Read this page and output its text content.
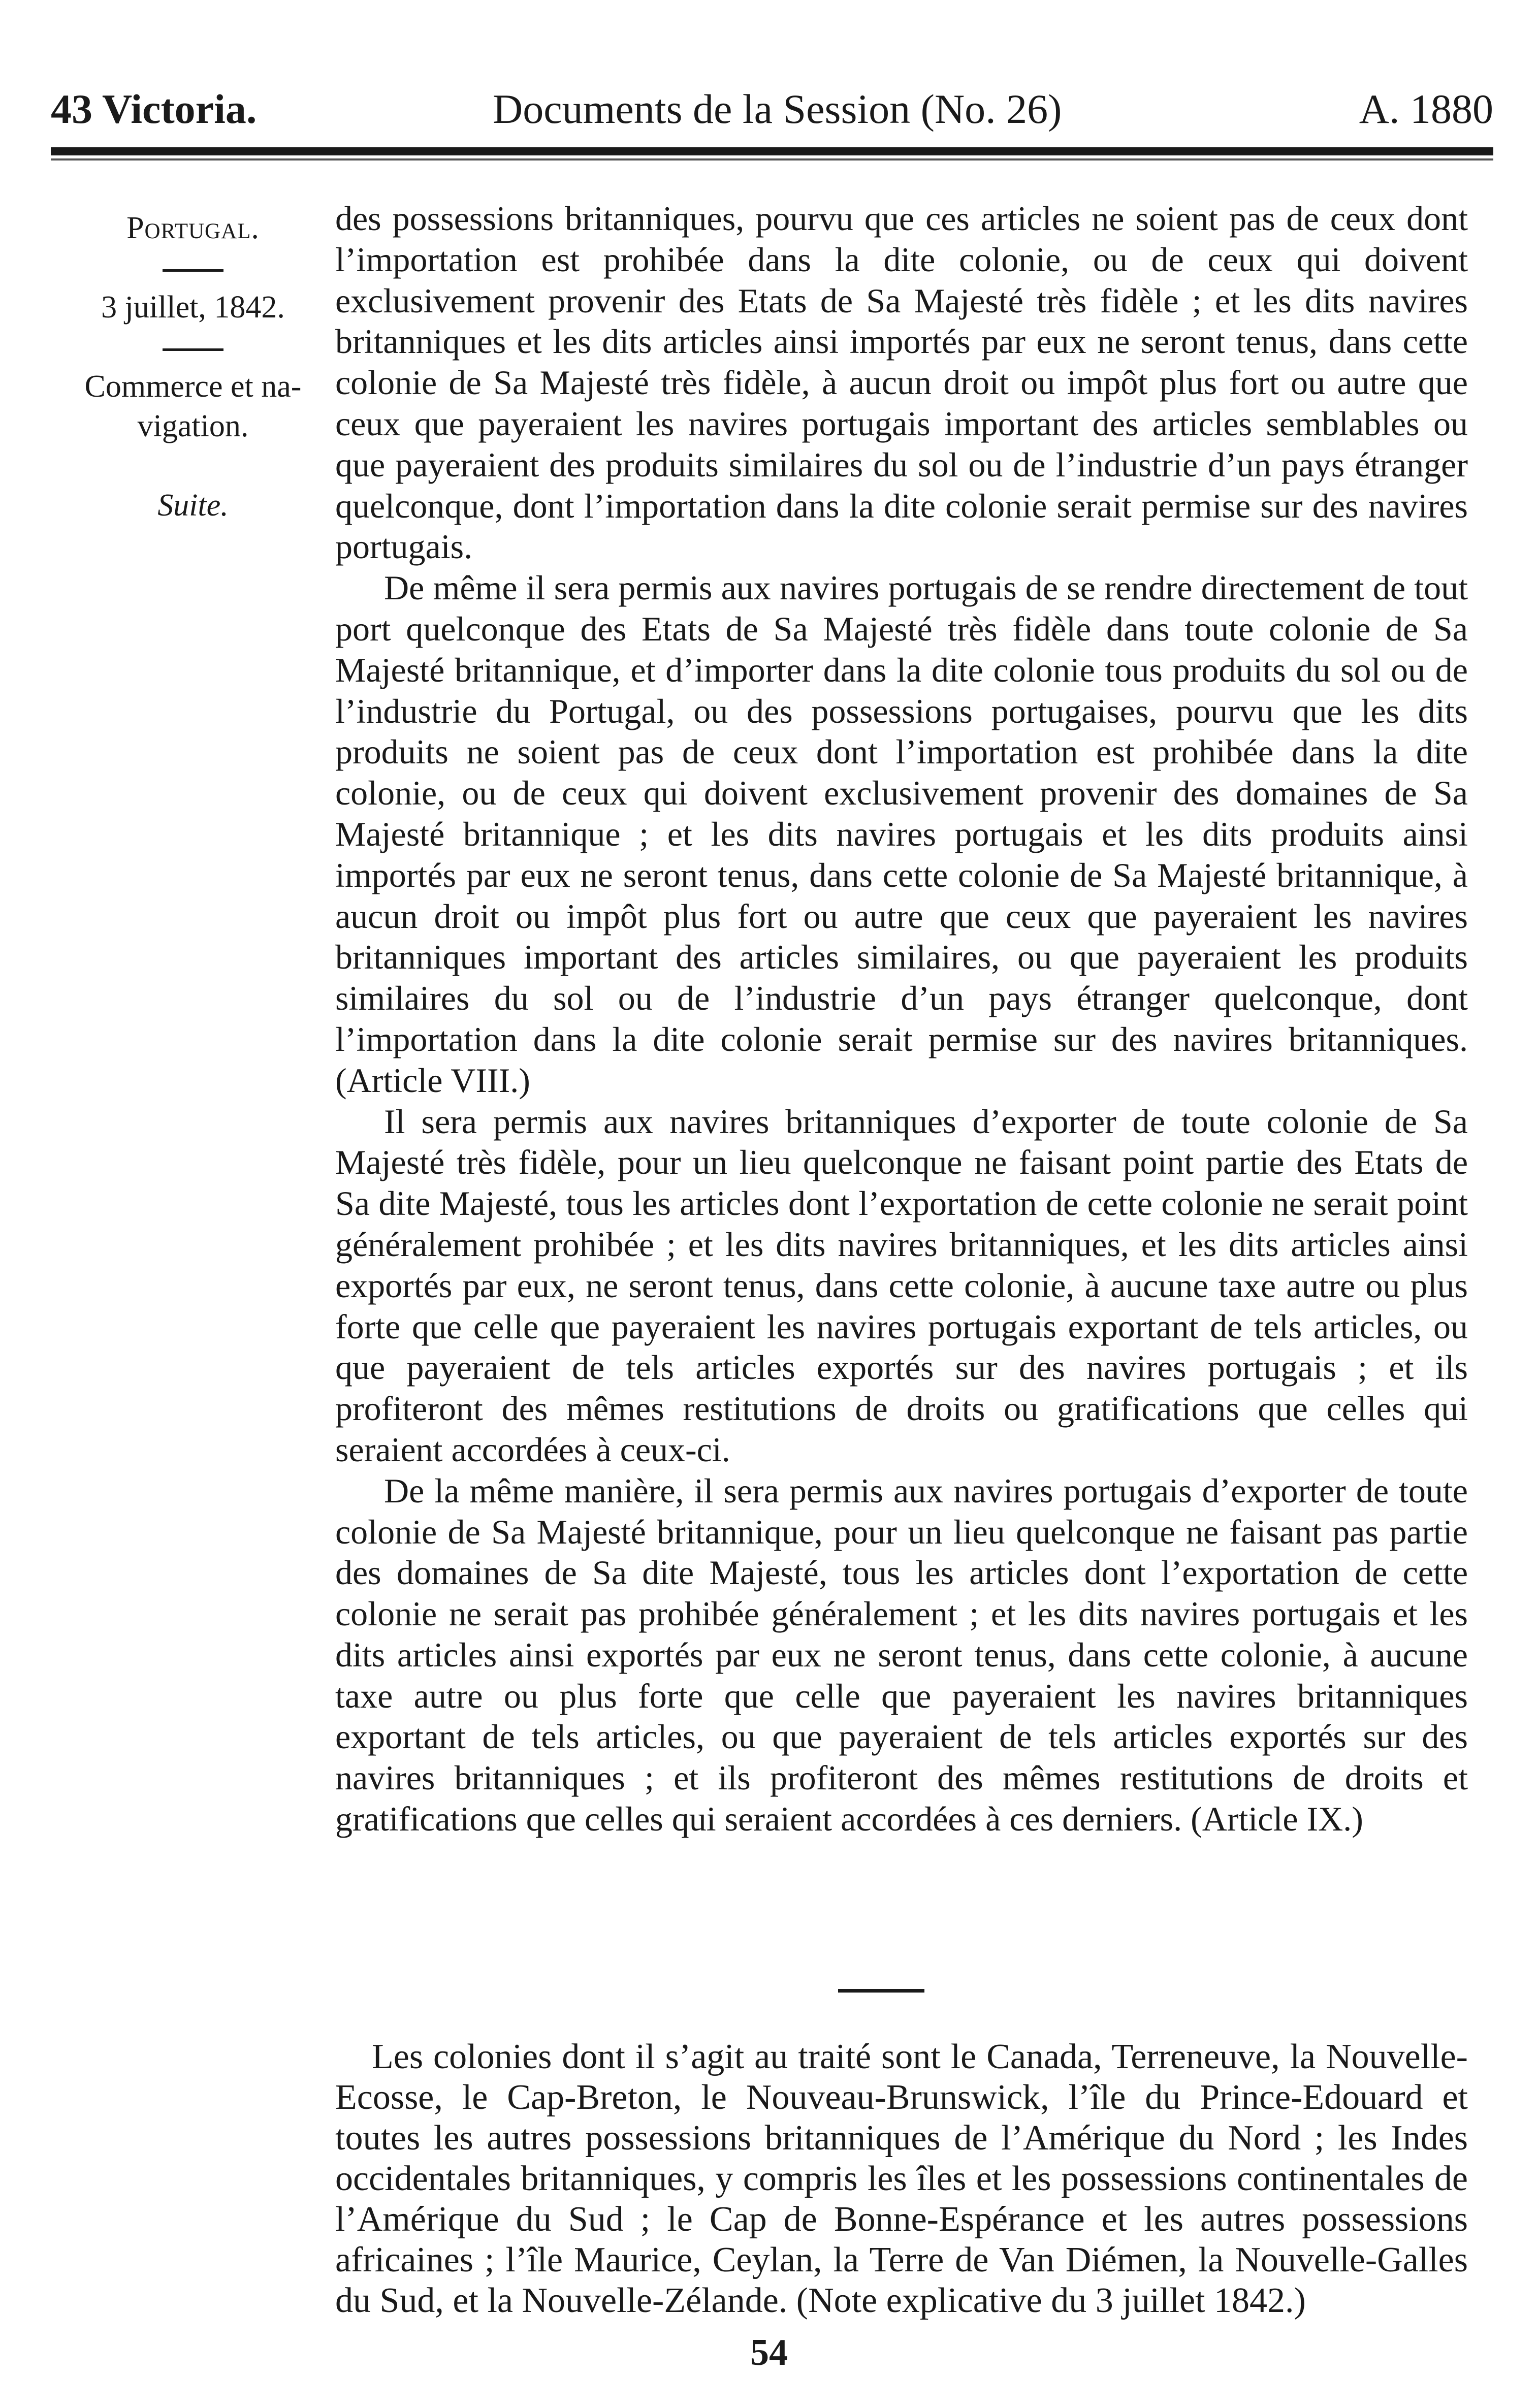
43 Victoria.	Documents de la Session (No. 26)	A. 1880
Portugal.
3 juillet, 1842.
Commerce et na-
vigation.
Suite.

des possessions britanniques, pourvu que ces articles ne soient pas de ceux dont l’importation est prohibée dans la dite colonie, ou de ceux qui doivent exclusivement provenir des Etats de Sa Majesté très fidèle ; et les dits navires britanniques et les dits articles ainsi importés par eux ne seront tenus, dans cette colonie de Sa Majesté très fidèle, à aucun droit ou impôt plus fort ou autre que ceux que payeraient les navires portugais important des articles semblables ou que payeraient des produits similaires du sol ou de l’industrie d’un pays étranger quelconque, dont l’importation dans la dite colonie serait permise sur des navires portugais.

De même il sera permis aux navires portugais de se rendre directement de tout port quelconque des Etats de Sa Majesté très fidèle dans toute colonie de Sa Majesté britannique, et d’importer dans la dite colonie tous produits du sol ou de l’industrie du Portugal, ou des possessions portugaises, pourvu que les dits produits ne soient pas de ceux dont l’importation est prohibée dans la dite colonie, ou de ceux qui doivent exclusivement provenir des domaines de Sa Majesté britannique ; et les dits navires portugais et les dits produits ainsi importés par eux ne seront tenus, dans cette colonie de Sa Majesté britannique, à aucun droit ou impôt plus fort ou autre que ceux que payeraient les navires britanniques important des articles similaires, ou que payeraient les produits similaires du sol ou de l’industrie d’un pays étranger quelconque, dont l’importation dans la dite colonie serait permise sur des navires britanniques. (Article VIII.)

Il sera permis aux navires britanniques d’exporter de toute colonie de Sa Majesté très fidèle, pour un lieu quelconque ne faisant point partie des Etats de Sa dite Majesté, tous les articles dont l’exportation de cette colonie ne serait point généralement prohibée ; et les dits navires britanniques, et les dits articles ainsi exportés par eux, ne seront tenus, dans cette colonie, à aucune taxe autre ou plus forte que celle que payeraient les navires portugais exportant de tels articles, ou que payeraient de tels articles exportés sur des navires portugais ; et ils profiteront des mêmes restitutions de droits ou gratifications que celles qui seraient accordées à ceux-ci.

De la même manière, il sera permis aux navires portugais d’exporter de toute colonie de Sa Majesté britannique, pour un lieu quelconque ne faisant pas partie des domaines de Sa dite Majesté, tous les articles dont l’exportation de cette colonie ne serait pas prohibée généralement ; et les dits navires portugais et les dits articles ainsi exportés par eux ne seront tenus, dans cette colonie, à aucune taxe autre ou plus forte que celle que payeraient les navires britanniques exportant de tels articles, ou que payeraient de tels articles exportés sur des navires britanniques ; et ils profiteront des mêmes restitutions de droits et gratifications que celles qui seraient accordées à ces derniers. (Article IX.)

Les colonies dont il s’agit au traité sont le Canada, Terreneuve, la Nouvelle-Ecosse, le Cap-Breton, le Nouveau-Brunswick, l’île du Prince-Edouard et toutes les autres possessions britanniques de l’Amérique du Nord ; les Indes occidentales britanniques, y compris les îles et les possessions continentales de l’Amérique du Sud ; le Cap de Bonne-Espérance et les autres possessions africaines ; l’île Maurice, Ceylan, la Terre de Van Diémen, la Nouvelle-Galles du Sud, et la Nouvelle-Zélande. (Note explicative du 3 juillet 1842.)

54
